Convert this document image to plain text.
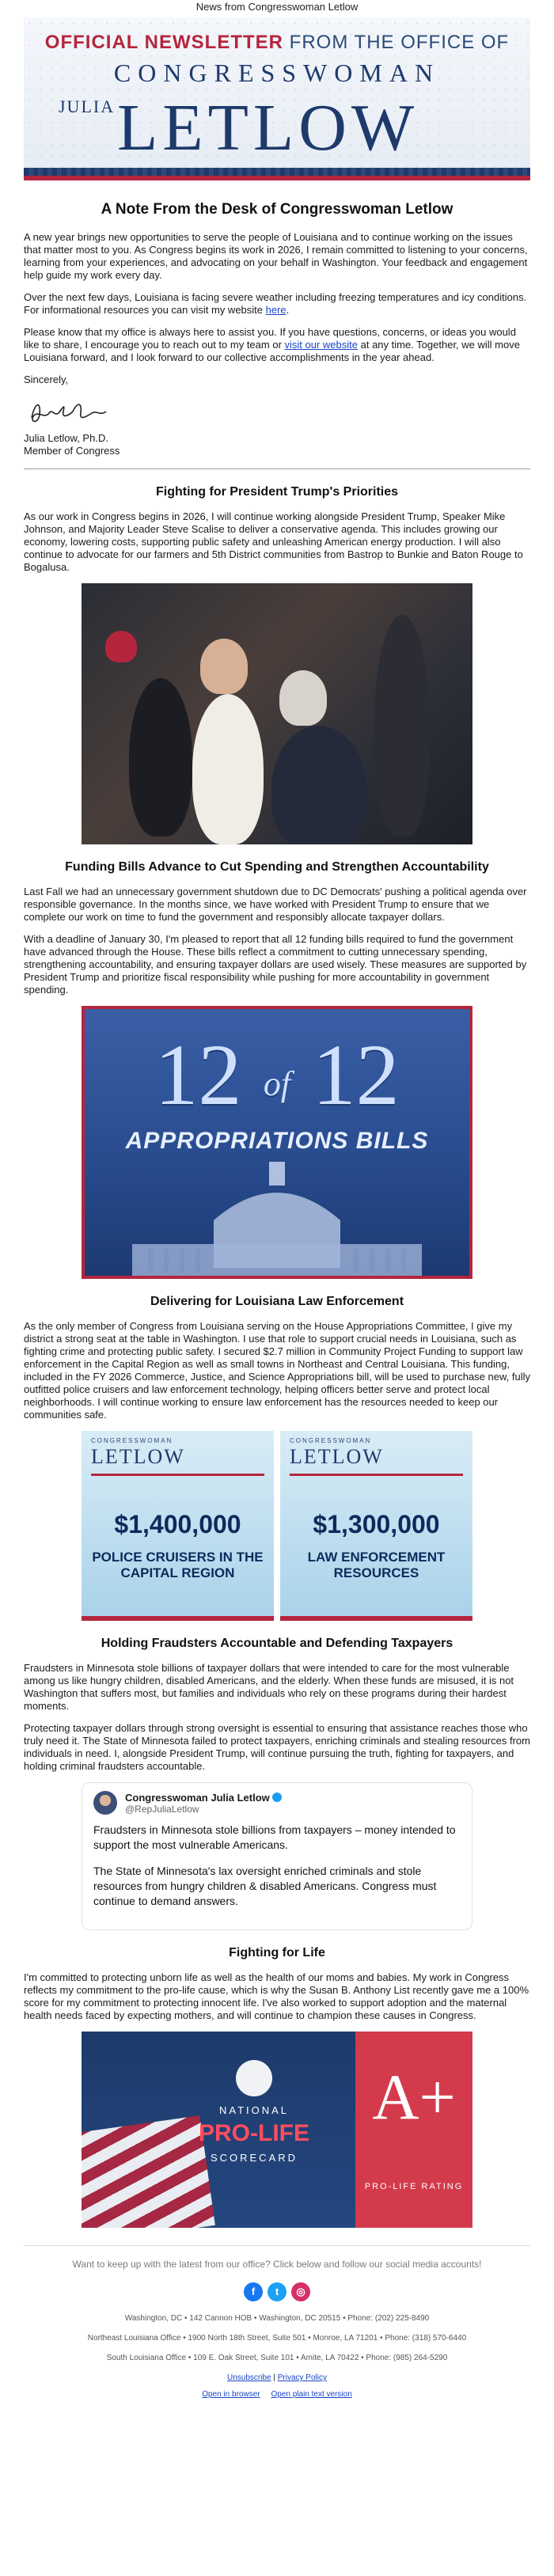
News from Congresswoman Letlow
OFFICIAL NEWSLETTER FROM THE OFFICE OF
CONGRESSWOMAN
JULIA LETLOW
A Note From the Desk of Congresswoman Letlow

A new year brings new opportunities to serve the people of Louisiana and to continue working on the issues that matter most to you. As Congress begins its work in 2026, I remain committed to listening to your concerns, learning from your experiences, and advocating on your behalf in Washington. Your feedback and engagement help guide my work every day.

Over the next few days, Louisiana is facing severe weather including freezing temperatures and icy conditions. For informational resources you can visit my website here.

Please know that my office is always here to assist you. If you have questions, concerns, or ideas you would like to share, I encourage you to reach out to my team or visit our website at any time. Together, we will move Louisiana forward, and I look forward to our collective accomplishments in the year ahead.

Sincerely,

Julia Letlow, Ph.D.

Member of Congress

Fighting for President Trump's Priorities

As our work in Congress begins in 2026, I will continue working alongside President Trump, Speaker Mike Johnson, and Majority Leader Steve Scalise to deliver a conservative agenda. This includes growing our economy, lowering costs, supporting public safety and unleashing American energy production. I will also continue to advocate for our farmers and 5th District communities from Bastrop to Bunkie and Baton Rouge to Bogalusa.

Funding Bills Advance to Cut Spending and Strengthen Accountability

Last Fall we had an unnecessary government shutdown due to DC Democrats' pushing a political agenda over responsible governance. In the months since, we have worked with President Trump to ensure that we complete our work on time to fund the government and responsibly allocate taxpayer dollars.

With a deadline of January 30, I'm pleased to report that all 12 funding bills required to fund the government have advanced through the House. These bills reflect a commitment to cutting unnecessary spending, strengthening accountability, and ensuring taxpayer dollars are used wisely. These measures are supported by President Trump and prioritize fiscal responsibility while pushing for more accountability in government spending.

12 of 12
APPROPRIATIONS BILLS
Delivering for Louisiana Law Enforcement

As the only member of Congress from Louisiana serving on the House Appropriations Committee, I give my district a strong seat at the table in Washington. I use that role to support crucial needs in Louisiana, such as fighting crime and protecting public safety. I secured $2.7 million in Community Project Funding to support law enforcement in the Capital Region as well as small towns in Northeast and Central Louisiana. This funding, included in the FY 2026 Commerce, Justice, and Science Appropriations bill, will be used to purchase new, fully outfitted police cruisers and law enforcement technology, helping officers better serve and protect local neighborhoods. I will continue working to ensure law enforcement has the resources needed to keep our communities safe.

CONGRESSWOMAN
LETLOW
$1,400,000
POLICE CRUISERS IN THE CAPITAL REGION
CONGRESSWOMAN
LETLOW
$1,300,000
LAW ENFORCEMENT RESOURCES
Holding Fraudsters Accountable and Defending Taxpayers

Fraudsters in Minnesota stole billions of taxpayer dollars that were intended to care for the most vulnerable among us like hungry children, disabled Americans, and the elderly. When these funds are misused, it is not Washington that suffers most, but families and individuals who rely on these programs during their hardest moments.

Protecting taxpayer dollars through strong oversight is essential to ensuring that assistance reaches those who truly need it. The State of Minnesota failed to protect taxpayers, enriching criminals and stealing resources from individuals in need. I, alongside President Trump, will continue pursuing the truth, fighting for taxpayers, and holding criminal fraudsters accountable.

Congresswoman Julia Letlow
@RepJuliaLetlow

Fraudsters in Minnesota stole billions from taxpayers – money intended to support the most vulnerable Americans.

The State of Minnesota's lax oversight enriched criminals and stole resources from hungry children & disabled Americans. Congress must continue to demand answers.

Fighting for Life

I'm committed to protecting unborn life as well as the health of our moms and babies. My work in Congress reflects my commitment to the pro-life cause, which is why the Susan B. Anthony List recently gave me a 100% score for my commitment to protecting innocent life. I've also worked to support adoption and the maternal health needs faced by expecting mothers, and will continue to champion these causes in Congress.

NATIONAL
PRO-LIFE
SCORECARD
A+
PRO-LIFE RATING
Want to keep up with the latest from our office? Click below and follow our social media accounts!
f	t	◎
Washington, DC • 142 Cannon HOB • Washington, DC 20515 • Phone: (202) 225-8490
Northeast Louisiana Office • 1900 North 18th Street, Suite 501 • Monroe, LA 71201 • Phone: (318) 570-6440
South Louisiana Office • 109 E. Oak Street, Suite 101 • Amite, LA 70422 • Phone: (985) 264-5290
Unsubscribe | Privacy Policy
Open in browser Open plain text version
